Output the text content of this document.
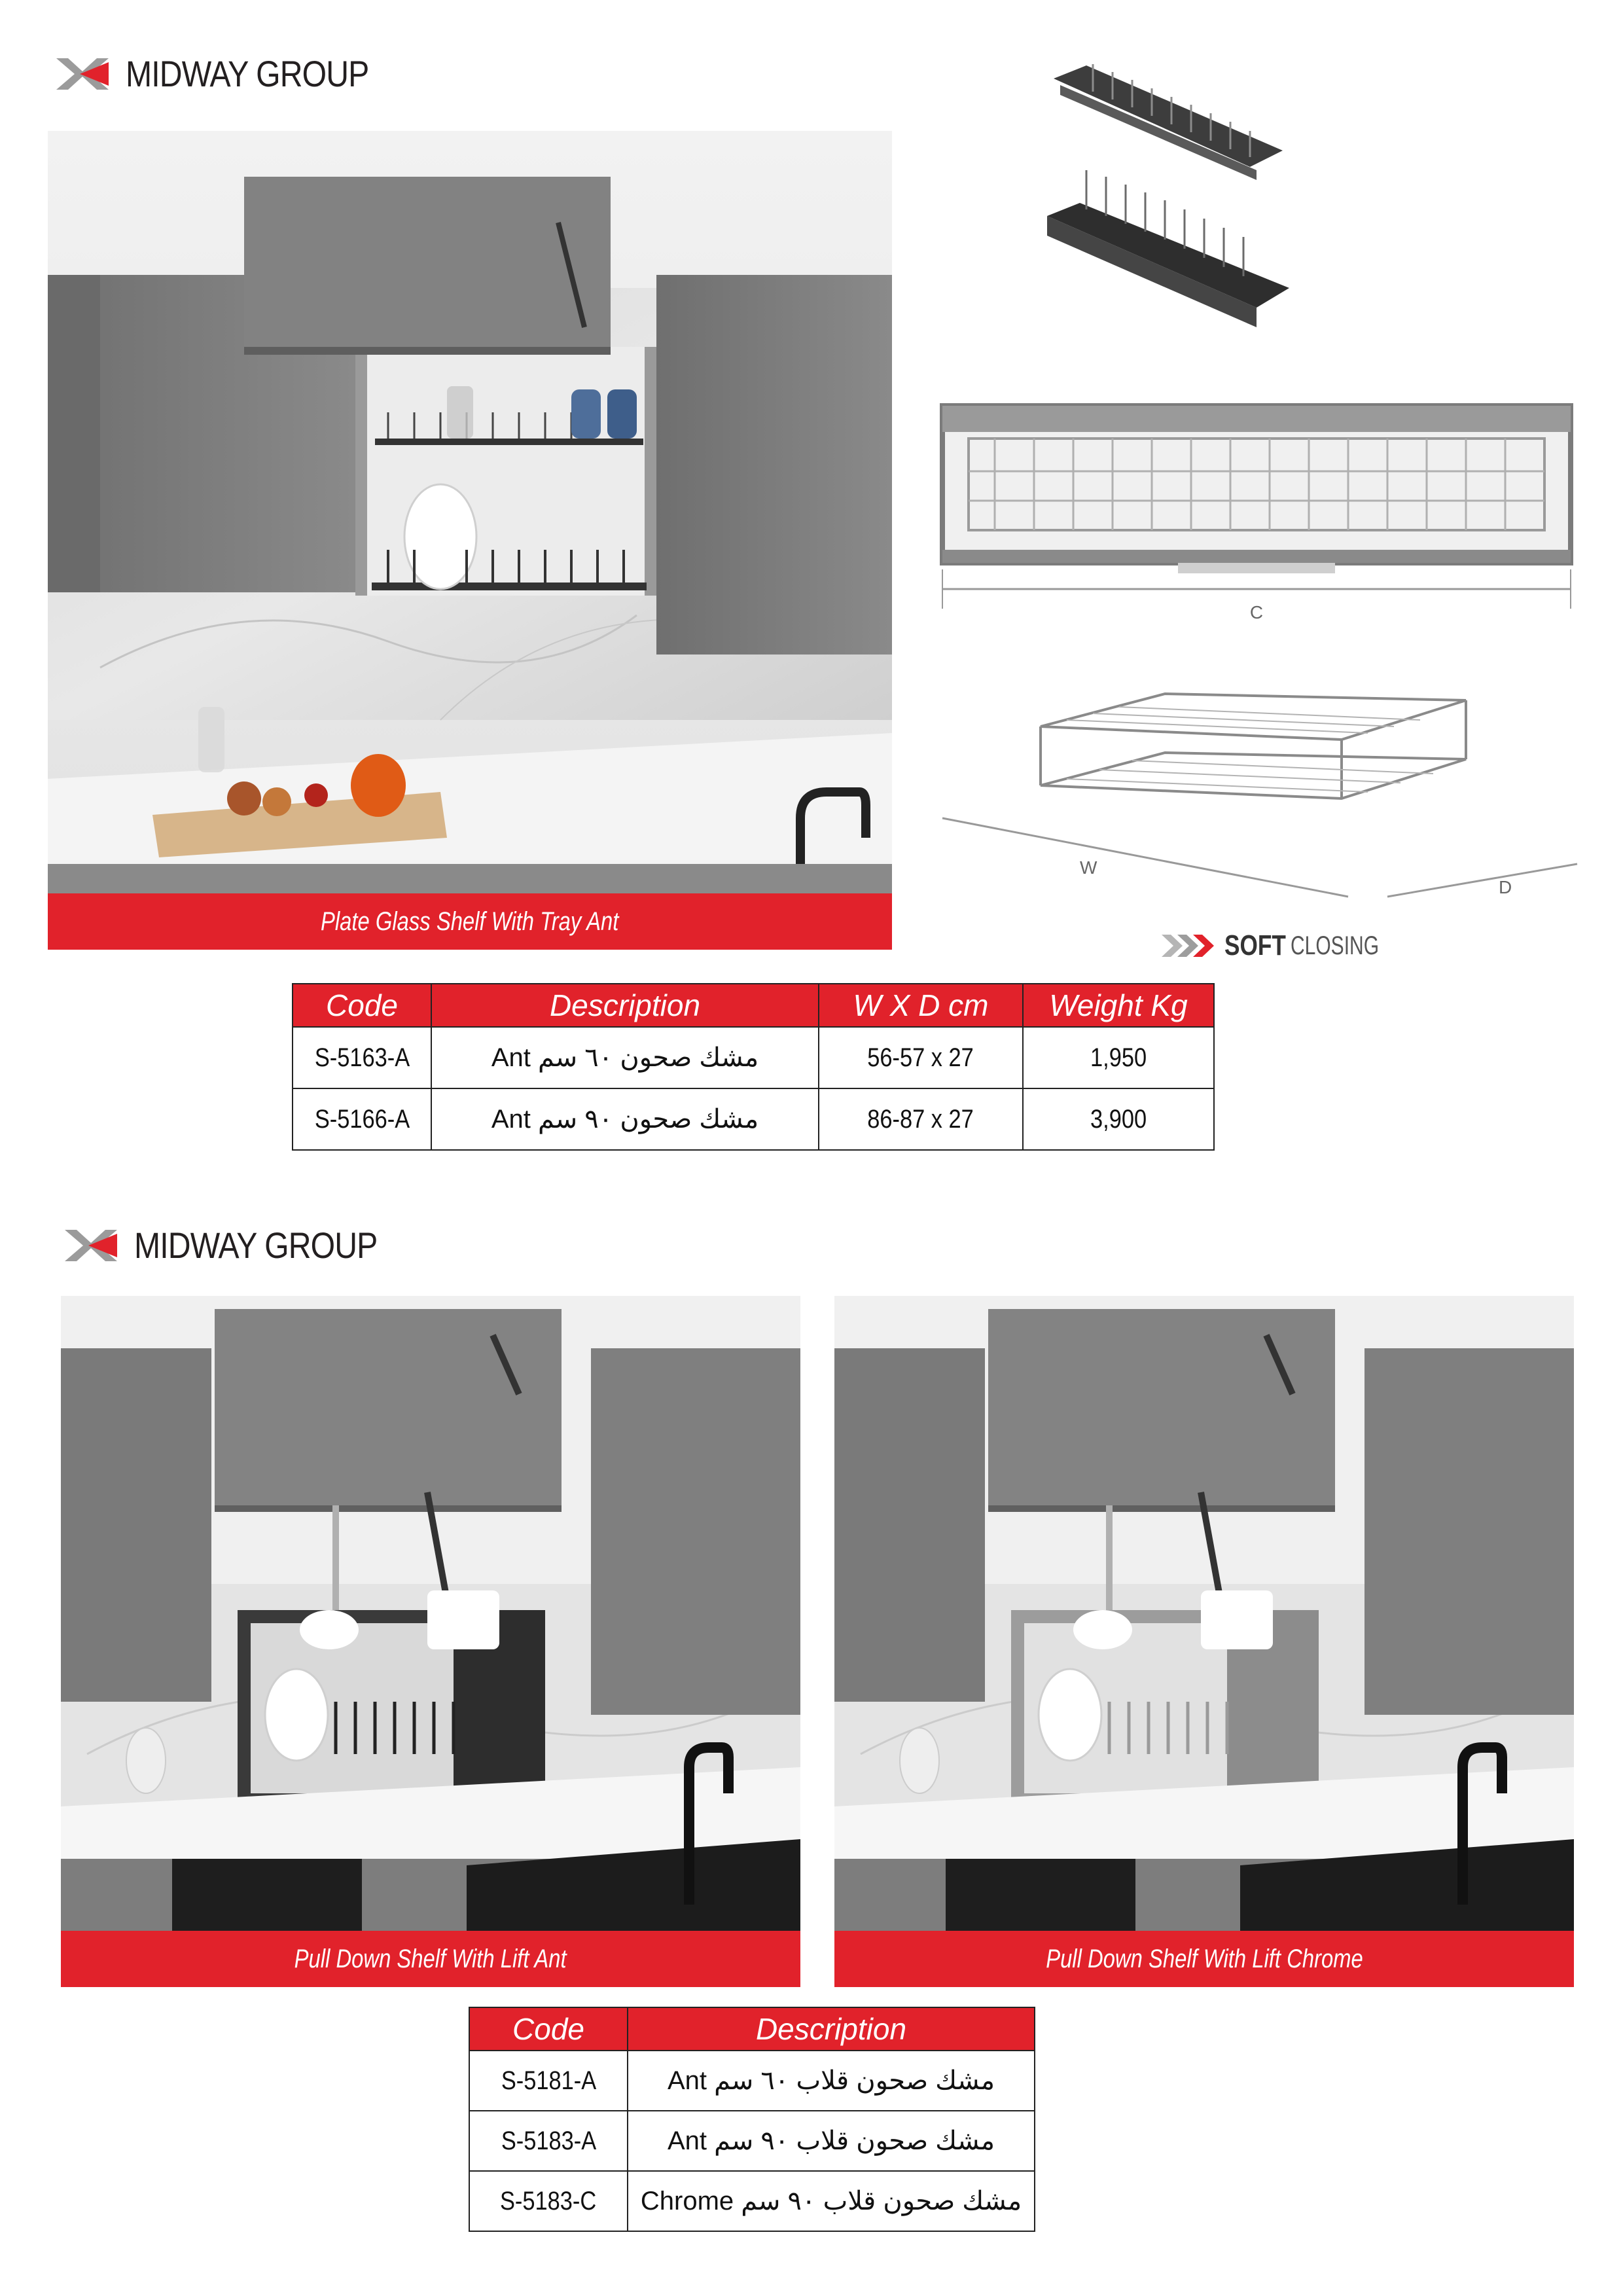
MIDWAY GROUP
Plate Glass Shelf With Tray Ant
C
W
D
SOFT CLOSING
Code	Description	W X D cm	Weight Kg
S-5163-A	مشك صحون ٦٠ سم Ant	56-57 x 27	1,950
S-5166-A	مشك صحون ٩٠ سم Ant	86-87 x 27	3,900
MIDWAY GROUP
Pull Down Shelf With Lift Ant	Pull Down Shelf With Lift Chrome
Code	Description
S-5181-A	مشك صحون قلاب ٦٠ سم Ant
S-5183-A	مشك صحون قلاب ٩٠ سم Ant
S-5183-C	مشك صحون قلاب ٩٠ سم Chrome
